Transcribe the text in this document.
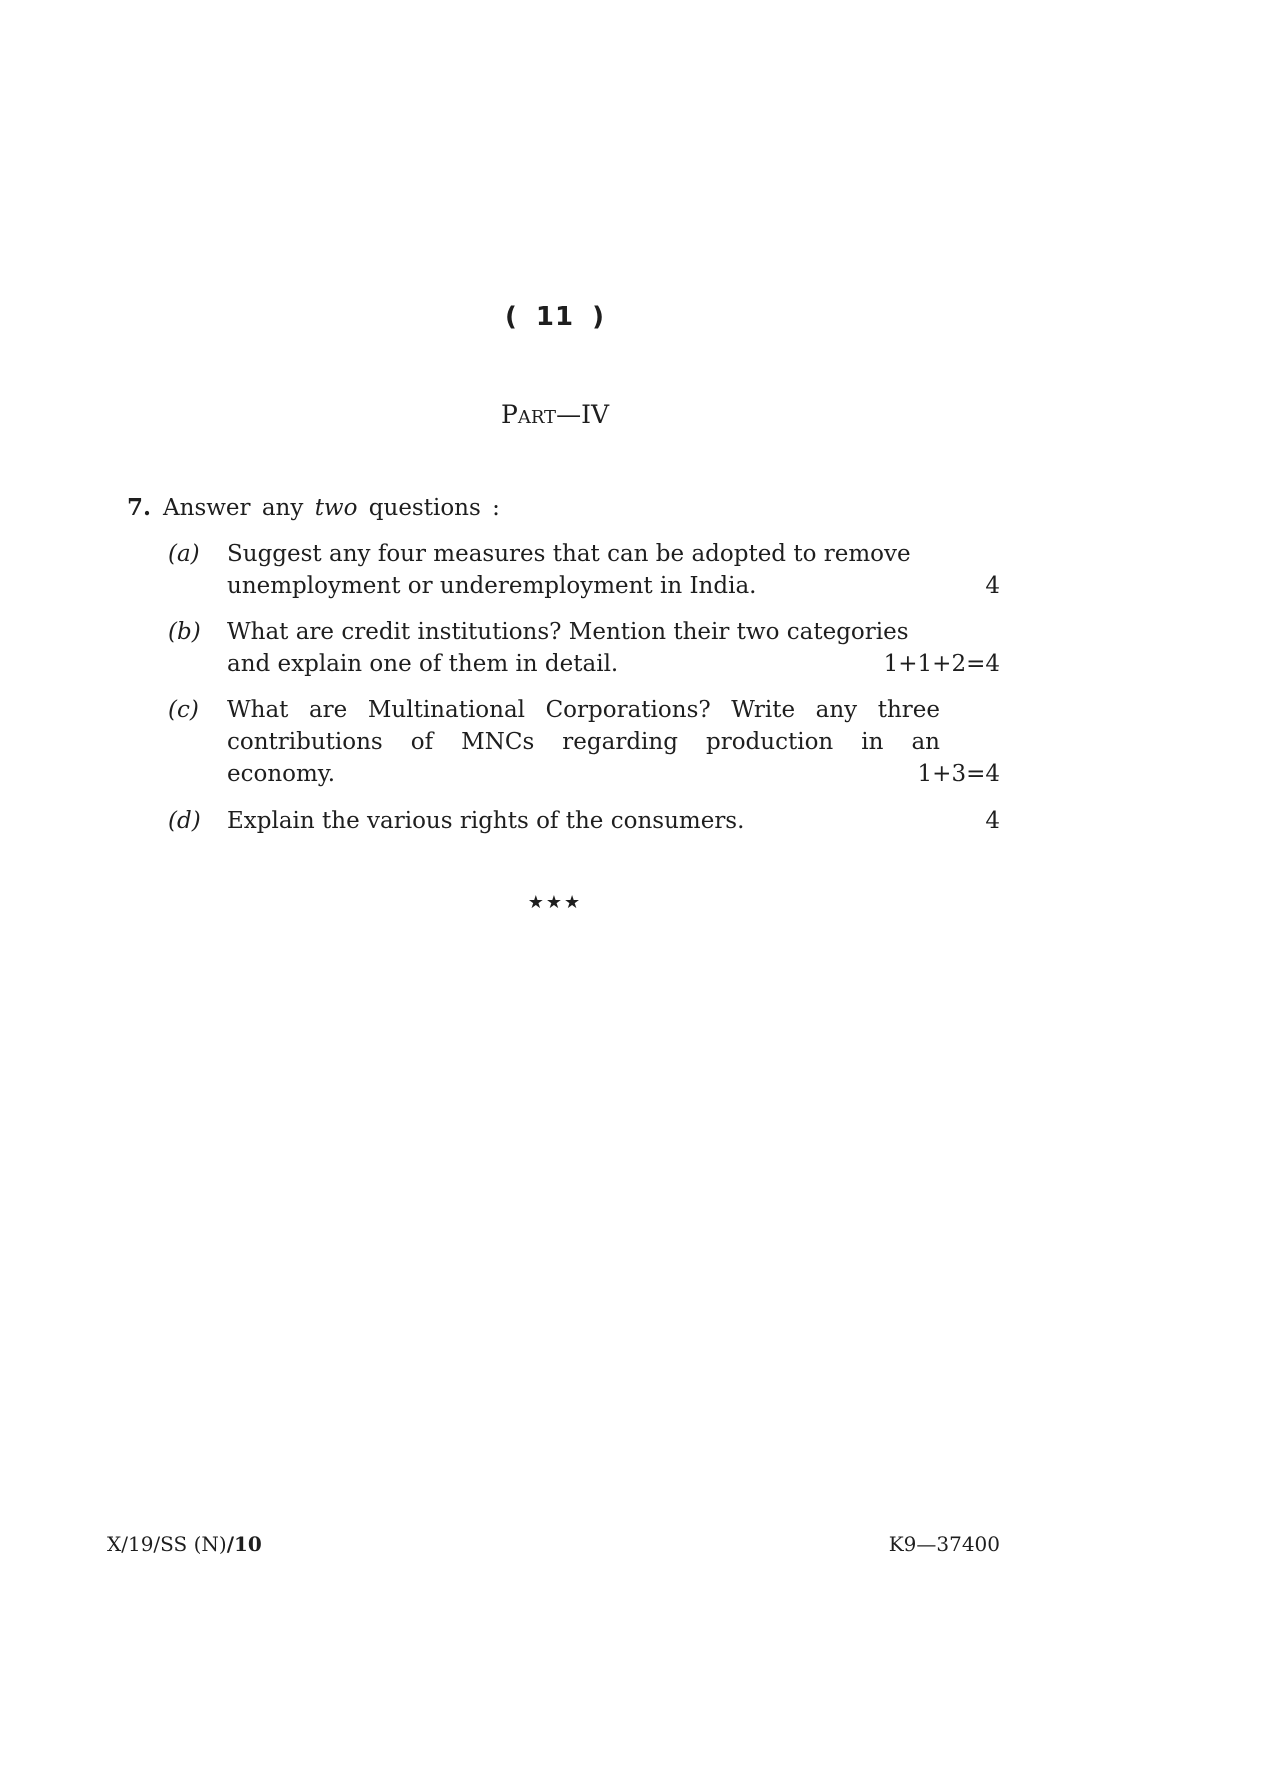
( 11 )
Part—IV
7. Answer any two questions :
(a) Suggest any four measures that can be adopted to remove
unemployment or underemployment in India.	4
(b) What are credit institutions? Mention their two categories
and explain one of them in detail.	1+1+2=4
(c) What are Multinational Corporations? Write any three
contributions of MNCs regarding production in an
economy.	1+3=4
(d) Explain the various rights of the consumers.	4
★★★
X/19/SS (N)/10	K9—37400
